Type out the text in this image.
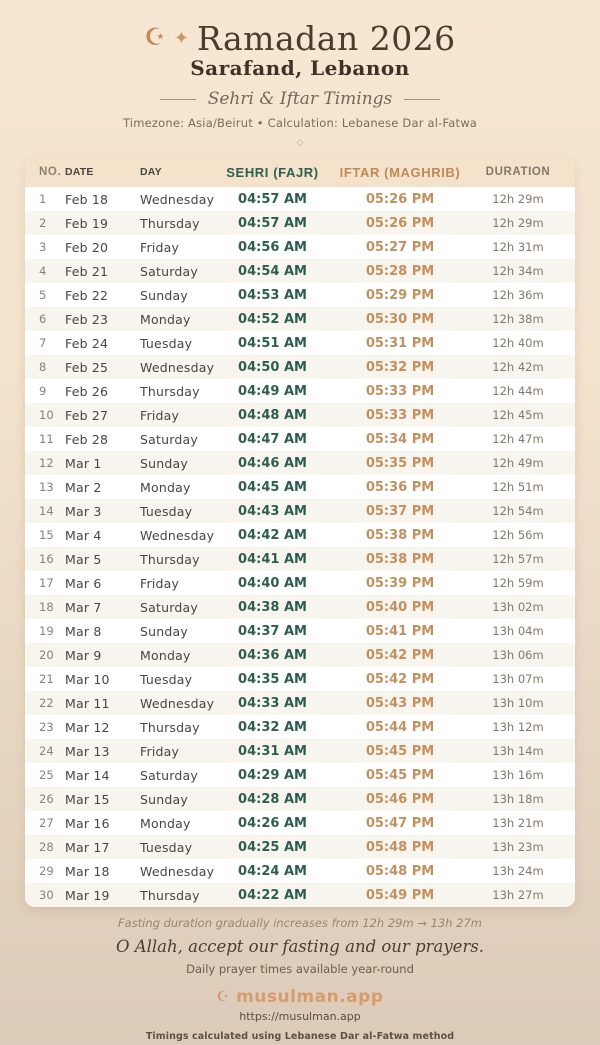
☪ ✦ Ramadan 2026
Sarafand, Lebanon
Sehri & Iftar Timings
Timezone: Asia/Beirut • Calculation: Lebanese Dar al-Fatwa
◇
NO. DATE	DAY	SEHRI (FAJR)	IFTAR (MAGHRIB)	DURATION
1	Feb 18	Wednesday	04:57 AM	05:26 PM	12h 29m
2	Feb 19	Thursday	04:57 AM	05:26 PM	12h 29m
3	Feb 20	Friday	04:56 AM	05:27 PM	12h 31m
4	Feb 21	Saturday	04:54 AM	05:28 PM	12h 34m
5	Feb 22	Sunday	04:53 AM	05:29 PM	12h 36m
6	Feb 23	Monday	04:52 AM	05:30 PM	12h 38m
7	Feb 24	Tuesday	04:51 AM	05:31 PM	12h 40m
8	Feb 25	Wednesday	04:50 AM	05:32 PM	12h 42m
9	Feb 26	Thursday	04:49 AM	05:33 PM	12h 44m
10 Feb 27	Friday	04:48 AM	05:33 PM	12h 45m
11 Feb 28	Saturday	04:47 AM	05:34 PM	12h 47m
12 Mar 1	Sunday	04:46 AM	05:35 PM	12h 49m
13 Mar 2	Monday	04:45 AM	05:36 PM	12h 51m
14 Mar 3	Tuesday	04:43 AM	05:37 PM	12h 54m
15 Mar 4	Wednesday	04:42 AM	05:38 PM	12h 56m
16 Mar 5	Thursday	04:41 AM	05:38 PM	12h 57m
17 Mar 6	Friday	04:40 AM	05:39 PM	12h 59m
18 Mar 7	Saturday	04:38 AM	05:40 PM	13h 02m
19 Mar 8	Sunday	04:37 AM	05:41 PM	13h 04m
20 Mar 9	Monday	04:36 AM	05:42 PM	13h 06m
21 Mar 10	Tuesday	04:35 AM	05:42 PM	13h 07m
22 Mar 11	Wednesday	04:33 AM	05:43 PM	13h 10m
23 Mar 12	Thursday	04:32 AM	05:44 PM	13h 12m
24 Mar 13	Friday	04:31 AM	05:45 PM	13h 14m
25 Mar 14	Saturday	04:29 AM	05:45 PM	13h 16m
26 Mar 15	Sunday	04:28 AM	05:46 PM	13h 18m
27 Mar 16	Monday	04:26 AM	05:47 PM	13h 21m
28 Mar 17	Tuesday	04:25 AM	05:48 PM	13h 23m
29 Mar 18	Wednesday	04:24 AM	05:48 PM	13h 24m
30 Mar 19	Thursday	04:22 AM	05:49 PM	13h 27m
Fasting duration gradually increases from 12h 29m → 13h 27m
O Allah, accept our fasting and our prayers.
Daily prayer times available year-round
☪ musulman.app
https://musulman.app
Timings calculated using Lebanese Dar al-Fatwa method
